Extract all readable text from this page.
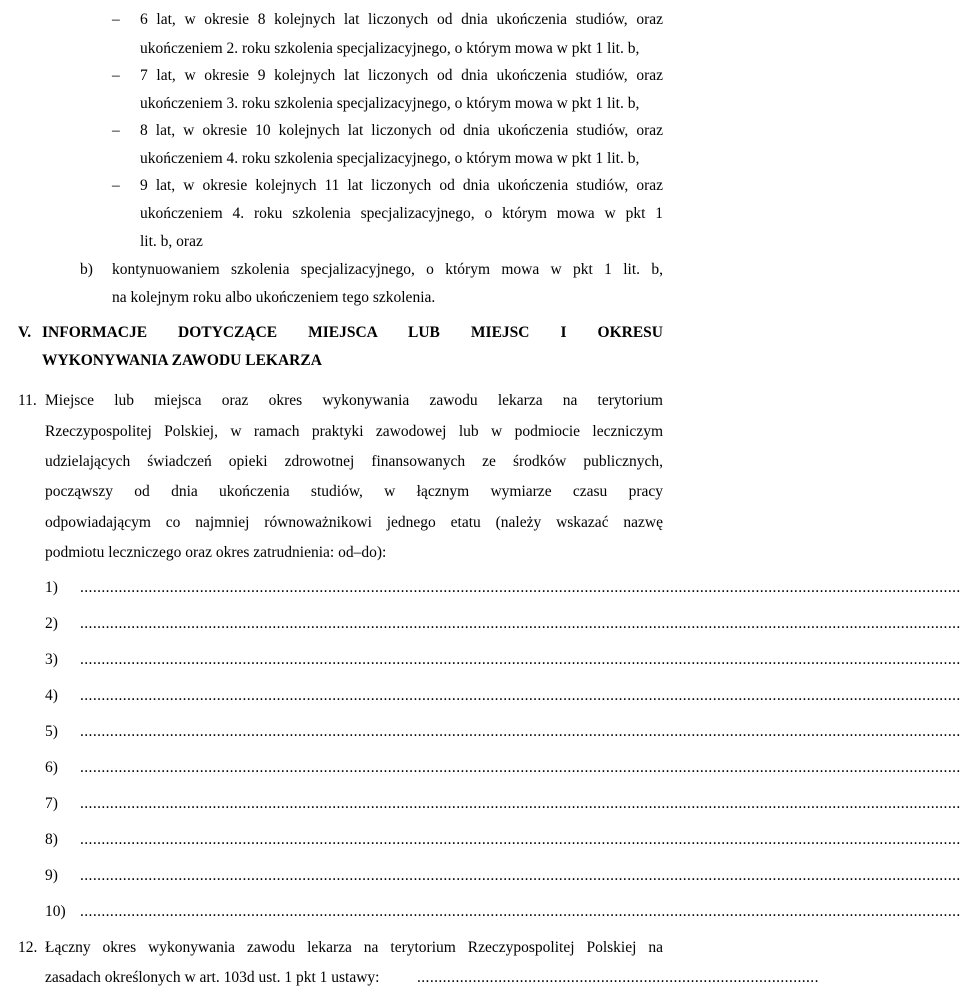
– 6 lat, w okresie 8 kolejnych lat liczonych od dnia ukończenia studiów, oraz
ukończeniem 2. roku szkolenia specjalizacyjnego, o którym mowa w pkt 1 lit. b,
– 7 lat, w okresie 9 kolejnych lat liczonych od dnia ukończenia studiów, oraz
ukończeniem 3. roku szkolenia specjalizacyjnego, o którym mowa w pkt 1 lit. b,
– 8 lat, w okresie 10 kolejnych lat liczonych od dnia ukończenia studiów, oraz
ukończeniem 4. roku szkolenia specjalizacyjnego, o którym mowa w pkt 1 lit. b,
– 9 lat, w okresie kolejnych 11 lat liczonych od dnia ukończenia studiów, oraz
ukończeniem 4. roku szkolenia specjalizacyjnego, o którym mowa w pkt 1
lit. b, oraz
b) kontynuowaniem szkolenia specjalizacyjnego, o którym mowa w pkt 1 lit. b,
na kolejnym roku albo ukończeniem tego szkolenia.
V. INFORMACJE DOTYCZĄCE MIEJSCA LUB MIEJSC I OKRESU
WYKONYWANIA ZAWODU LEKARZA
11. Miejsce lub miejsca oraz okres wykonywania zawodu lekarza na terytorium
Rzeczypospolitej Polskiej, w ramach praktyki zawodowej lub w podmiocie leczniczym
udzielających świadczeń opieki zdrowotnej finansowanych ze środków publicznych,
począwszy od dnia ukończenia studiów, w łącznym wymiarze czasu pracy
odpowiadającym co najmniej równoważnikowi jednego etatu (należy wskazać nazwę
podmiotu leczniczego oraz okres zatrudnienia: od–do):
1) ..............................................................................................................................................................................................................
2) ..............................................................................................................................................................................................................
3) ..............................................................................................................................................................................................................
4) ..............................................................................................................................................................................................................
5) ..............................................................................................................................................................................................................
6) ..............................................................................................................................................................................................................
7) ..............................................................................................................................................................................................................
8) ..............................................................................................................................................................................................................
9) ..............................................................................................................................................................................................................
10) ..............................................................................................................................................................................................................
12. Łączny okres wykonywania zawodu lekarza na terytorium Rzeczypospolitej Polskiej na
zasadach określonych w art. 103d ust. 1 pkt 1 ustawy: ..............................................................................................
